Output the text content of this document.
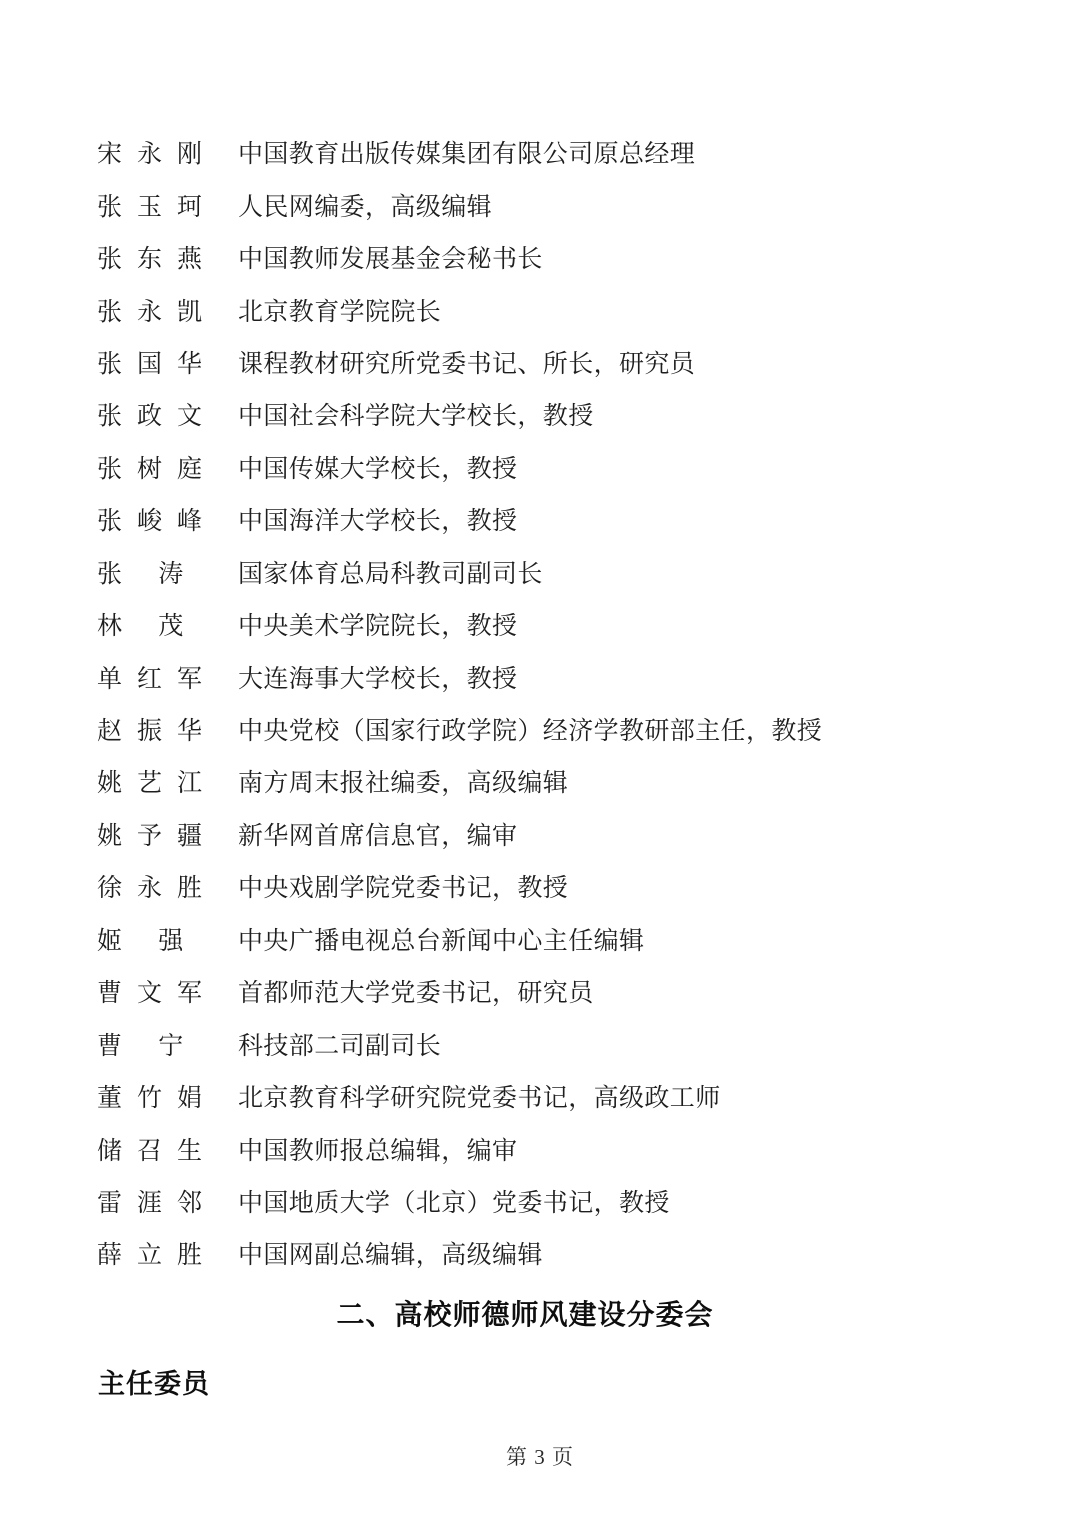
宋永刚 中国教育出版传媒集团有限公司原总经理
张玉珂 人民网编委，高级编辑
张东燕 中国教师发展基金会秘书长
张永凯 北京教育学院院长
张国华 课程教材研究所党委书记、所长，研究员
张政文 中国社会科学院大学校长，教授
张树庭 中国传媒大学校长，教授
张峻峰 中国海洋大学校长，教授
张 涛	国家体育总局科教司副司长
林 茂	中央美术学院院长，教授
单红军 大连海事大学校长，教授
赵振华 中央党校（国家行政学院）经济学教研部主任，教授
姚艺江 南方周末报社编委，高级编辑
姚予疆 新华网首席信息官，编审
徐永胜 中央戏剧学院党委书记，教授
姬 强	中央广播电视总台新闻中心主任编辑
曹文军 首都师范大学党委书记，研究员
曹 宁	科技部二司副司长
董竹娟 北京教育科学研究院党委书记，高级政工师
储召生 中国教师报总编辑，编审
雷涯邻 中国地质大学（北京）党委书记，教授
薛立胜 中国网副总编辑，高级编辑
二、高校师德师风建设分委会
主任委员
第 3 页
